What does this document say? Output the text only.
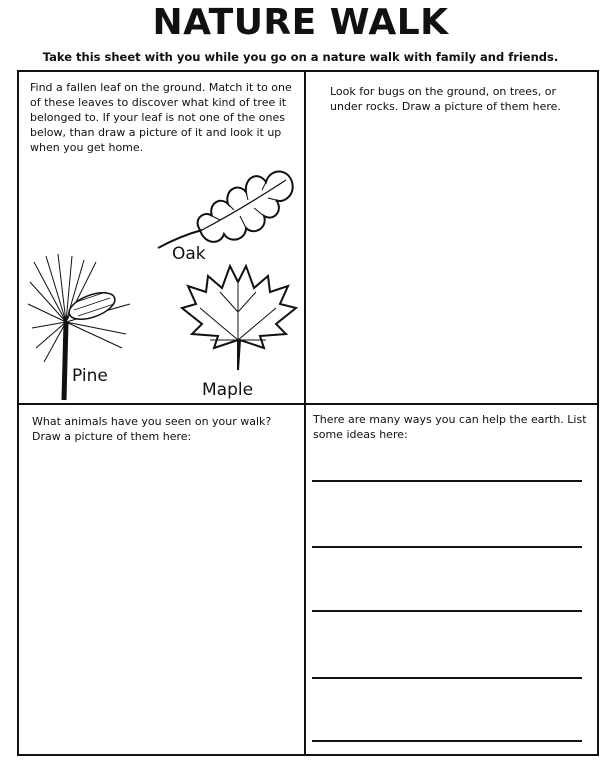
NATURE WALK
Take this sheet with you while you go on a nature walk with family and friends.
Find a fallen leaf on the ground. Match it to one of these leaves to discover what kind of tree it belonged to. If your leaf is not one of the ones below, than draw a picture of it and look it up when you get home.
Oak
Pine
Maple
Look for bugs on the ground, on trees, or under rocks. Draw a picture of them here.
What animals have you seen on your walk? Draw a picture of them here:
There are many ways you can help the earth. List some ideas here:
